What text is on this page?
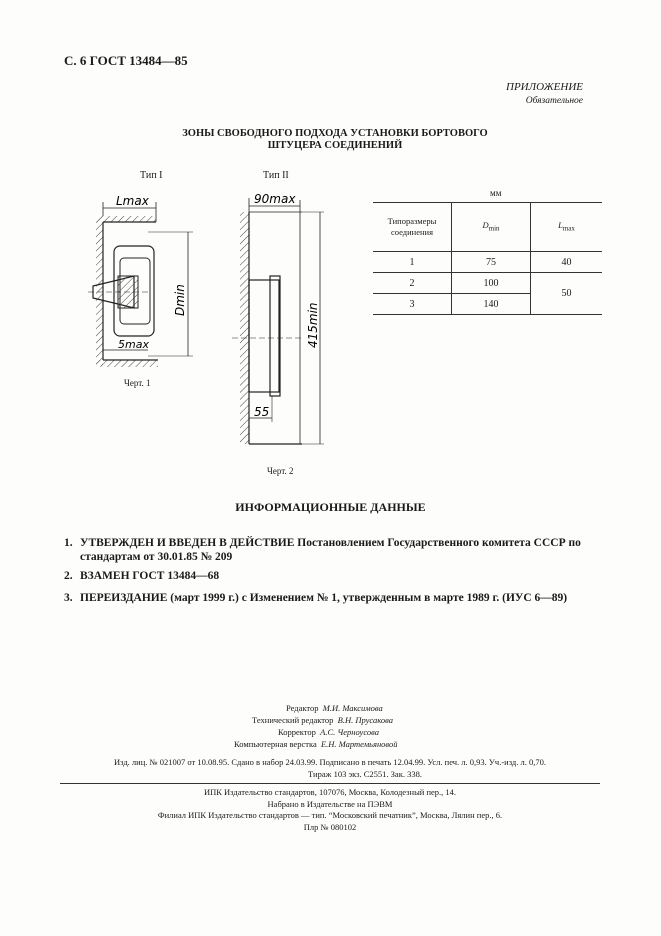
С. 6 ГОСТ 13484—85
ПРИЛОЖЕНИЕ
Обязательное
ЗОНЫ СВОБОДНОГО ПОДХОДА УСТАНОВКИ БОРТОВОГО
ШТУЦЕРА СОЕДИНЕНИЙ
Тип I
Lmax
Dmin
5max
Черт. 1
Тип II
90max
415min
55
Черт. 2
мм
Типоразмеры соединения	$D_{min}$	$L_{max}$
1	75	40
2	100	50
3	140	
ИНФОРМАЦИОННЫЕ ДАННЫЕ
1. УТВЕРЖДЕН И ВВЕДЕН В ДЕЙСТВИЕ Постановлением Государственного комитета СССР по
стандартам от 30.01.85 № 209
2. ВЗАМЕН ГОСТ 13484—68
3. ПЕРЕИЗДАНИЕ (март 1999 г.) с Изменением № 1, утвержденным в марте 1989 г. (ИУС 6—89)
Редактор М.И. Максимова
Технический редактор В.Н. Прусакова
Корректор А.С. Черноусова
Компьютерная верстка Е.Н. Мартемьяновой
Изд. лиц. № 021007 от 10.08.95. Сдано в набор 24.03.99. Подписано в печать 12.04.99. Усл. печ. л. 0,93. Уч.-изд. л. 0,70.
Тираж 103 экз. С2551. Зак. 338.
ИПК Издательство стандартов, 107076, Москва, Колодезный пер., 14.
Набрано в Издательстве на ПЭВМ
Филиал ИПК Издательство стандартов — тип. “Московский печатник”, Москва, Лялин пер., 6.
Плр № 080102
